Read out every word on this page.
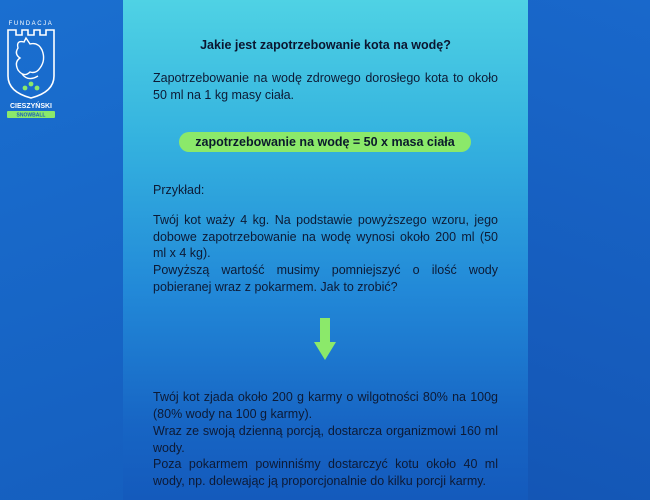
FUNDACJA
CIESZYŃSKI
SNOWBALL
Jakie jest zapotrzebowanie kota na wodę?

Zapotrzebowanie na wodę zdrowego dorosłego kota to około 50 ml na 1 kg masy ciała.

zapotrzebowanie na wodę = 50 x masa ciała

Przykład:

Twój kot waży 4 kg. Na podstawie powyższego wzoru, jego dobowe zapotrzebowanie na wodę wynosi około 200 ml (50 ml x 4 kg).

Powyższą wartość musimy pomniejszyć o ilość wody pobieranej wraz z pokarmem. Jak to zrobić?

Twój kot zjada około 200 g karmy o wilgotności 80% na 100g (80% wody na 100 g karmy).

Wraz ze swoją dzienną porcją, dostarcza organizmowi 160 ml wody.

Poza pokarmem powinniśmy dostarczyć kotu około 40 ml wody, np. dolewając ją proporcjonalnie do kilku porcji karmy.
